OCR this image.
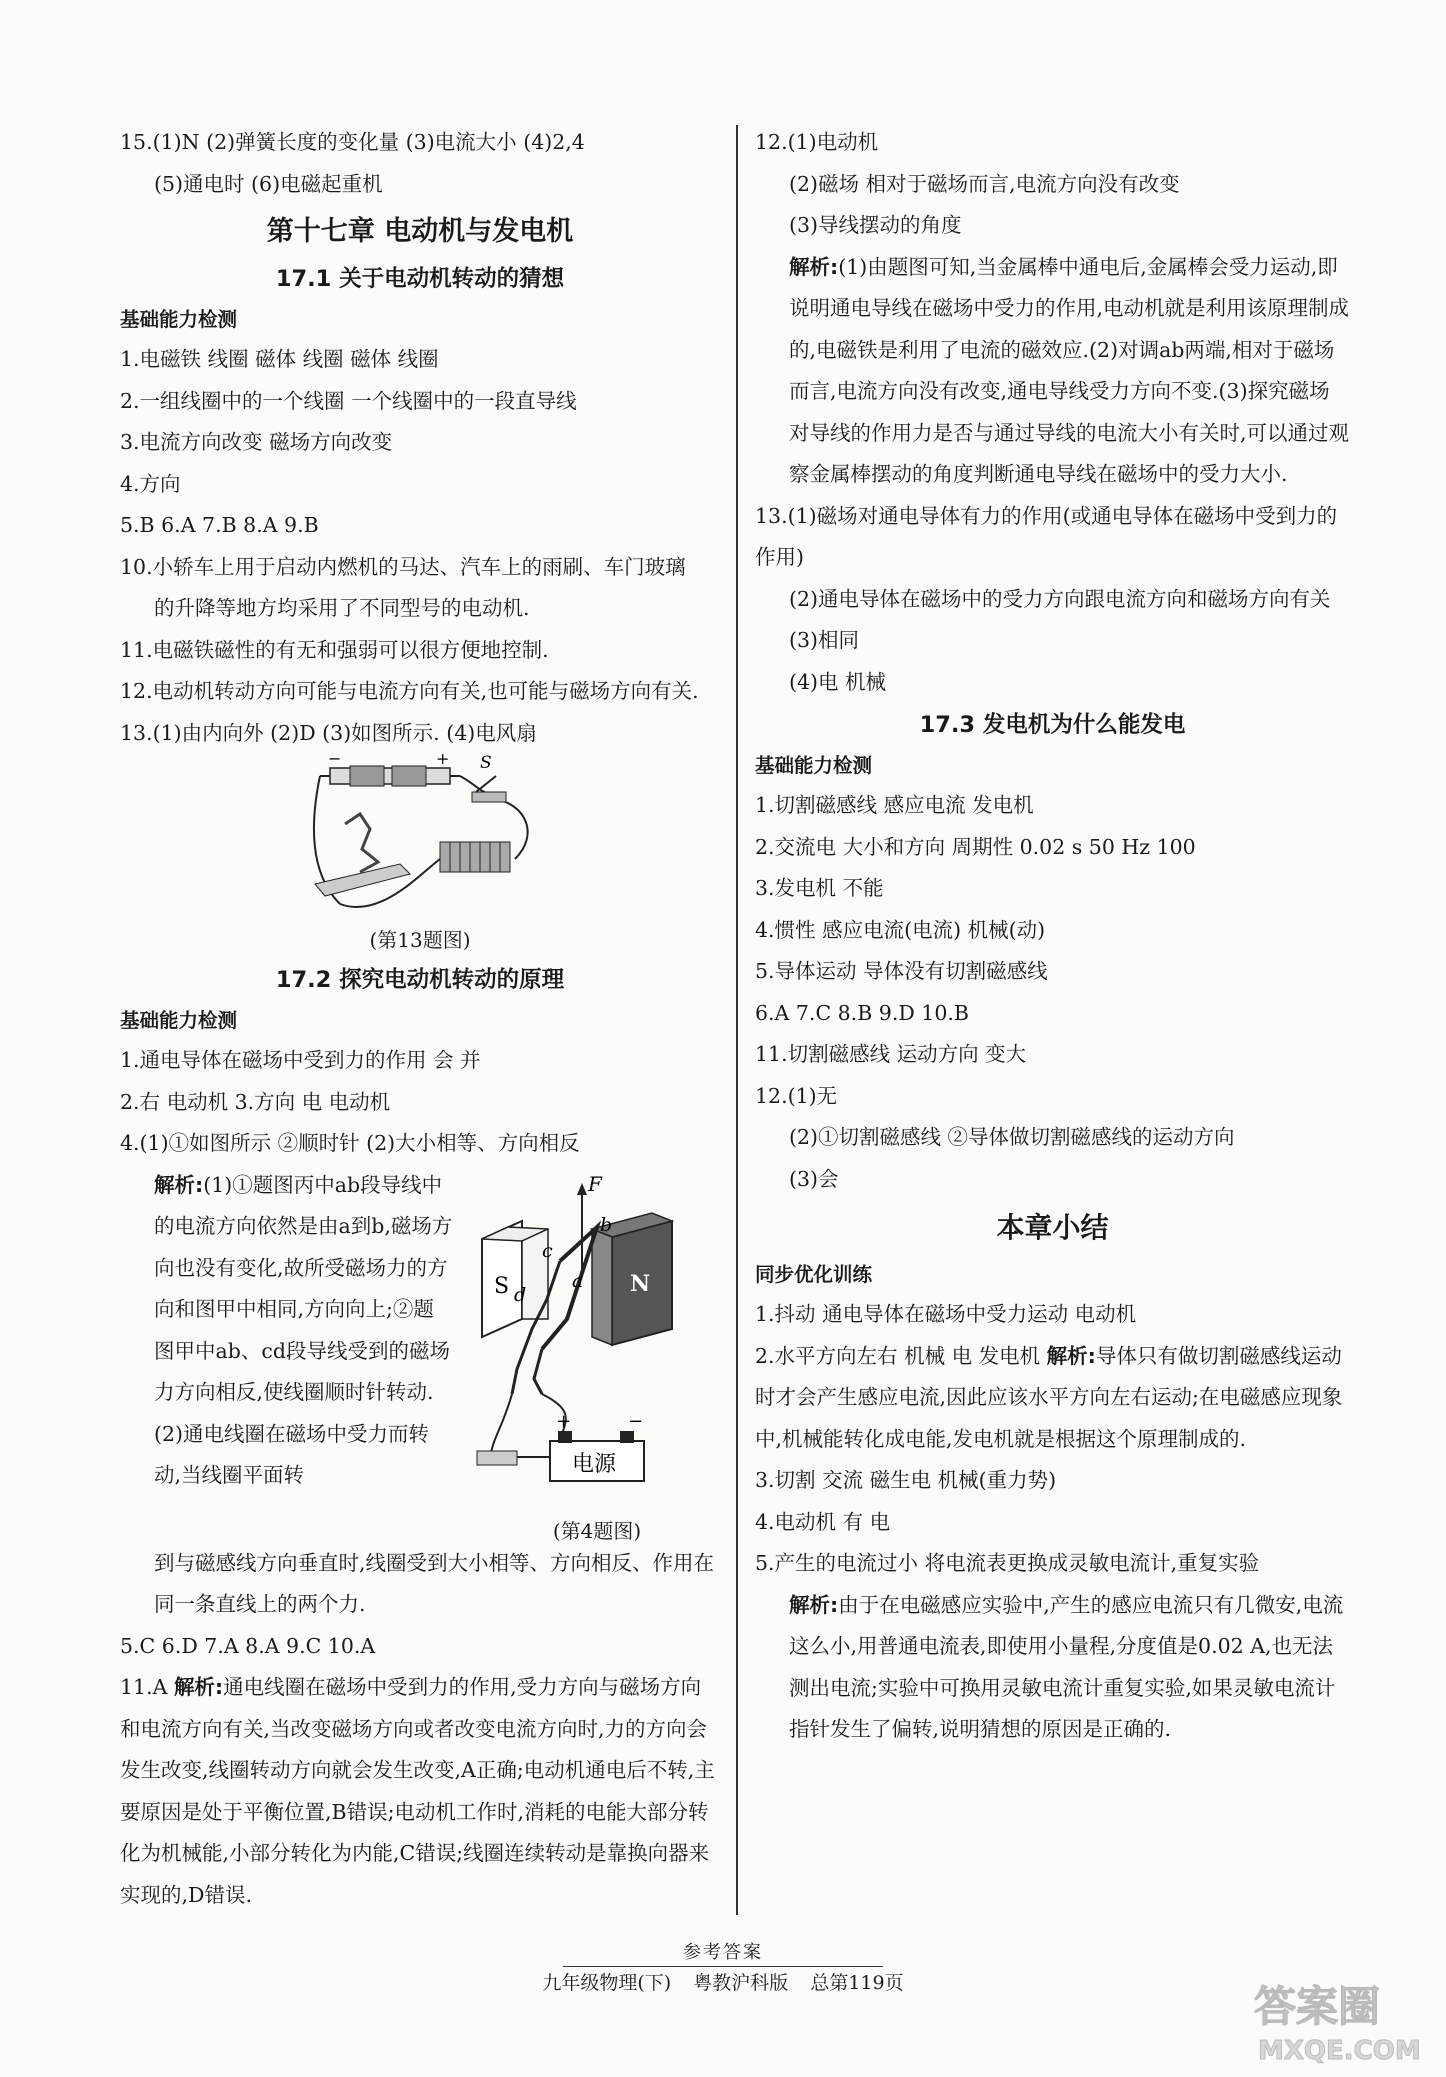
15.(1)N (2)弹簧长度的变化量 (3)电流大小 (4)2,4
(5)通电时 (6)电磁起重机
第十七章 电动机与发电机
17.1 关于电动机转动的猜想
基础能力检测
1.电磁铁 线圈 磁体 线圈 磁体 线圈
2.一组线圈中的一个线圈 一个线圈中的一段直导线
3.电流方向改变 磁场方向改变
4.方向
5.B 6.A 7.B 8.A 9.B
10.小轿车上用于启动内燃机的马达、汽车上的雨刷、车门玻璃
的升降等地方均采用了不同型号的电动机.
11.电磁铁磁性的有无和强弱可以很方便地控制.
12.电动机转动方向可能与电流方向有关,也可能与磁场方向有关.
13.(1)由内向外 (2)D (3)如图所示. (4)电风扇
−	+ S
(第13题图)
17.2 探究电动机转动的原理
基础能力检测
1.通电导体在磁场中受到力的作用 会 并
2.右 电动机 3.方向 电 电动机
4.(1)①如图所示 ②顺时针 (2)大小相等、方向相反
解析:(1)①题图丙中ab段导线中的电流方向依然是由a到b,磁场方向也没有变化,故所受磁场力的方向和图甲中相同,方向向上;②题图甲中ab、cd段导线受到的磁场力方向相反,使线圈顺时针转动.(2)通电线圈在磁场中受力而转动,当线圈平面转
S	N
F
b
c
a
d
+	−
电源
(第4题图)
到与磁感线方向垂直时,线圈受到大小相等、方向相反、作用在同一条直线上的两个力.
5.C 6.D 7.A 8.A 9.C 10.A
11.A 解析:通电线圈在磁场中受到力的作用,受力方向与磁场方向和电流方向有关,当改变磁场方向或者改变电流方向时,力的方向会发生改变,线圈转动方向就会发生改变,A正确;电动机通电后不转,主要原因是处于平衡位置,B错误;电动机工作时,消耗的电能大部分转化为机械能,小部分转化为内能,C错误;线圈连续转动是靠换向器来实现的,D错误.
12.(1)电动机
(2)磁场 相对于磁场而言,电流方向没有改变
(3)导线摆动的角度
解析:(1)由题图可知,当金属棒中通电后,金属棒会受力运动,即说明通电导线在磁场中受力的作用,电动机就是利用该原理制成的,电磁铁是利用了电流的磁效应.(2)对调ab两端,相对于磁场而言,电流方向没有改变,通电导线受力方向不变.(3)探究磁场对导线的作用力是否与通过导线的电流大小有关时,可以通过观察金属棒摆动的角度判断通电导线在磁场中的受力大小.
13.(1)磁场对通电导体有力的作用(或通电导体在磁场中受到力的作用)
(2)通电导体在磁场中的受力方向跟电流方向和磁场方向有关
(3)相同
(4)电 机械
17.3 发电机为什么能发电
基础能力检测
1.切割磁感线 感应电流 发电机
2.交流电 大小和方向 周期性 0.02 s 50 Hz 100
3.发电机 不能
4.惯性 感应电流(电流) 机械(动)
5.导体运动 导体没有切割磁感线
6.A 7.C 8.B 9.D 10.B
11.切割磁感线 运动方向 变大
12.(1)无
(2)①切割磁感线 ②导体做切割磁感线的运动方向
(3)会
本章小结
同步优化训练
1.抖动 通电导体在磁场中受力运动 电动机
2.水平方向左右 机械 电 发电机 解析:导体只有做切割磁感线运动时才会产生感应电流,因此应该水平方向左右运动;在电磁感应现象中,机械能转化成电能,发电机就是根据这个原理制成的.
3.切割 交流 磁生电 机械(重力势)
4.电动机 有 电
5.产生的电流过小 将电流表更换成灵敏电流计,重复实验
解析:由于在电磁感应实验中,产生的感应电流只有几微安,电流这么小,用普通电流表,即使用小量程,分度值是0.02 A,也无法测出电流;实验中可换用灵敏电流计重复实验,如果灵敏电流计指针发生了偏转,说明猜想的原因是正确的.
参考答案
九年级物理(下) 粤教沪科版 总第119页	答案圈
MXQE.COM
